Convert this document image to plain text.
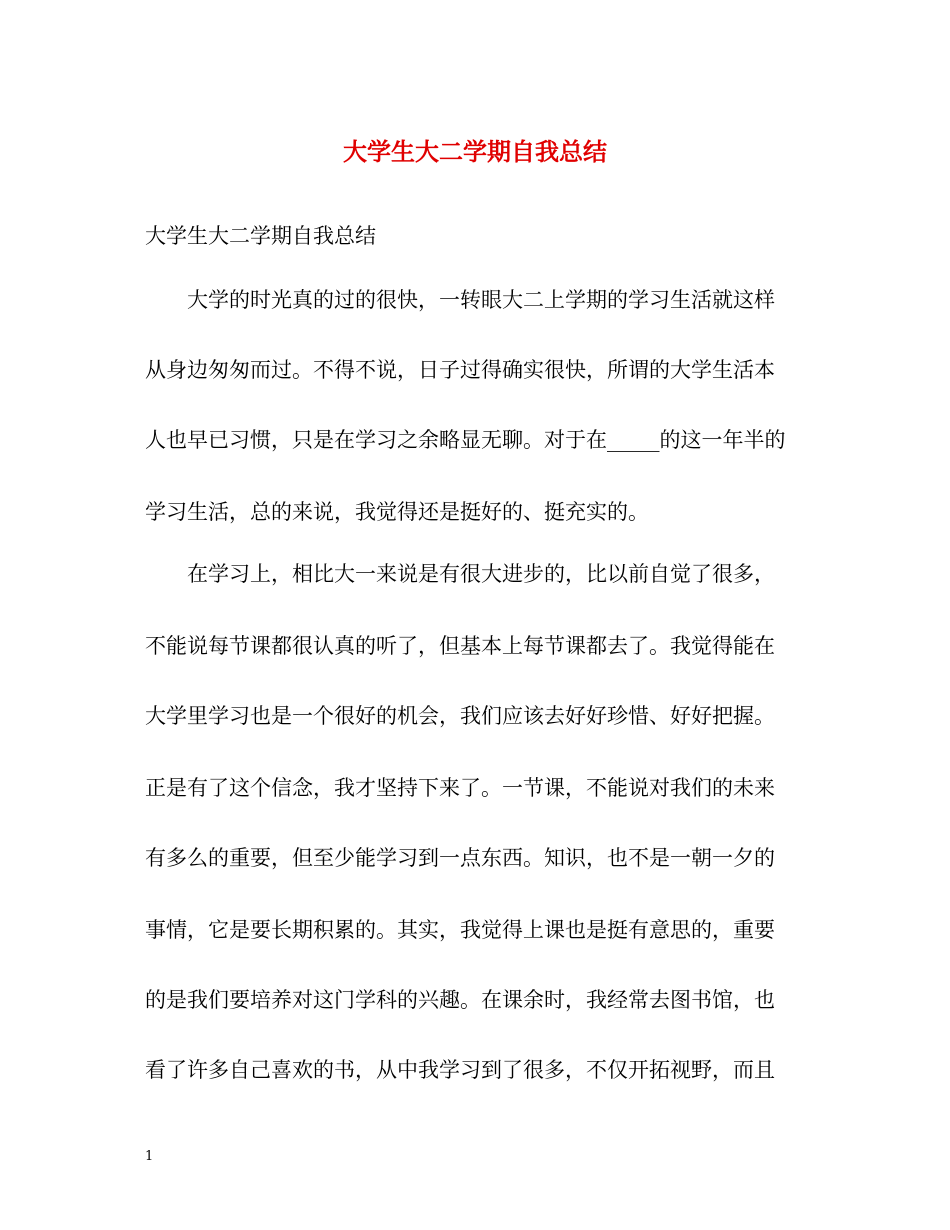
大学生大二学期自我总结
大学生大二学期自我总结
大学的时光真的过的很快，一转眼大二上学期的学习生活就这样
从身边匆匆而过。不得不说，日子过得确实很快，所谓的大学生活本
人也早已习惯，只是在学习之余略显无聊。对于在_____的这一年半的
学习生活，总的来说，我觉得还是挺好的、挺充实的。
在学习上，相比大一来说是有很大进步的，比以前自觉了很多，
不能说每节课都很认真的听了，但基本上每节课都去了。我觉得能在
大学里学习也是一个很好的机会，我们应该去好好珍惜、好好把握。
正是有了这个信念，我才坚持下来了。一节课，不能说对我们的未来
有多么的重要，但至少能学习到一点东西。知识，也不是一朝一夕的
事情，它是要长期积累的。其实，我觉得上课也是挺有意思的，重要
的是我们要培养对这门学科的兴趣。在课余时，我经常去图书馆，也
看了许多自己喜欢的书，从中我学习到了很多，不仅开拓视野，而且
1
